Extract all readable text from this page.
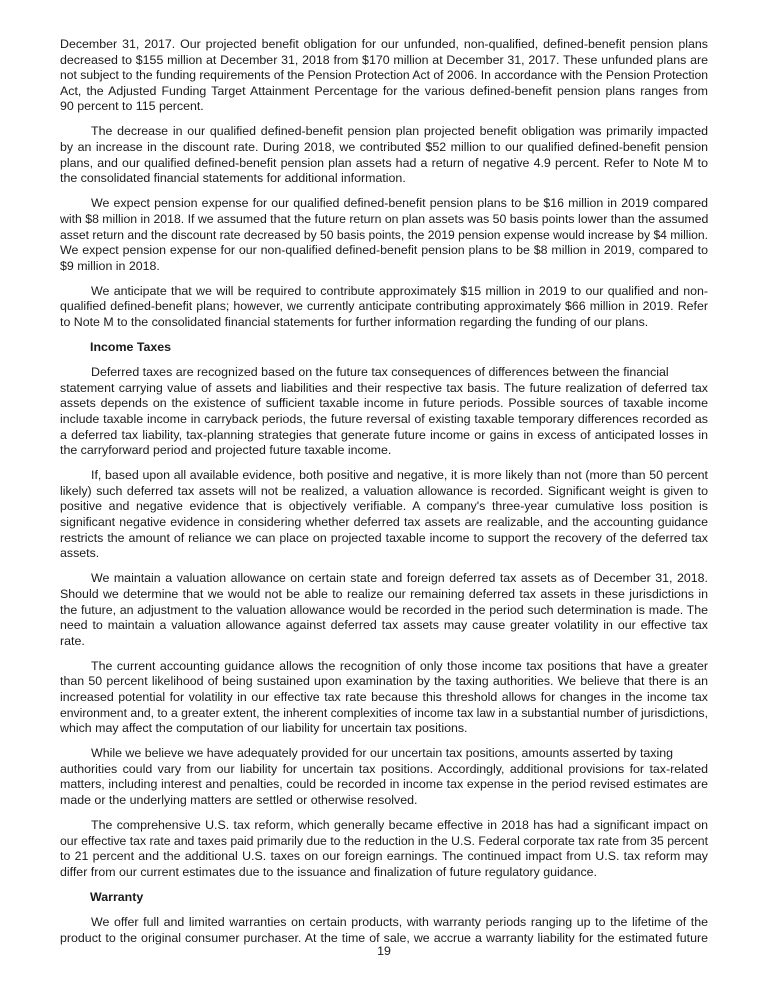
December 31, 2017. Our projected benefit obligation for our unfunded, non-qualified, defined-benefit pension plans
decreased to $155 million at December 31, 2018 from $170 million at December 31, 2017. These unfunded plans are
not subject to the funding requirements of the Pension Protection Act of 2006. In accordance with the Pension Protection
Act, the Adjusted Funding Target Attainment Percentage for the various defined-benefit pension plans ranges from
90 percent to 115 percent.
The decrease in our qualified defined-benefit pension plan projected benefit obligation was primarily impacted
by an increase in the discount rate. During 2018, we contributed $52 million to our qualified defined-benefit pension
plans, and our qualified defined-benefit pension plan assets had a return of negative 4.9 percent. Refer to Note M to
the consolidated financial statements for additional information.
We expect pension expense for our qualified defined-benefit pension plans to be $16 million in 2019 compared
with $8 million in 2018. If we assumed that the future return on plan assets was 50 basis points lower than the assumed
asset return and the discount rate decreased by 50 basis points, the 2019 pension expense would increase by $4 million.
We expect pension expense for our non-qualified defined-benefit pension plans to be $8 million in 2019, compared to
$9 million in 2018.
We anticipate that we will be required to contribute approximately $15 million in 2019 to our qualified and non-
qualified defined-benefit plans; however, we currently anticipate contributing approximately $66 million in 2019. Refer
to Note M to the consolidated financial statements for further information regarding the funding of our plans.
Income Taxes
Deferred taxes are recognized based on the future tax consequences of differences between the financial
statement carrying value of assets and liabilities and their respective tax basis. The future realization of deferred tax
assets depends on the existence of sufficient taxable income in future periods. Possible sources of taxable income
include taxable income in carryback periods, the future reversal of existing taxable temporary differences recorded as
a deferred tax liability, tax-planning strategies that generate future income or gains in excess of anticipated losses in
the carryforward period and projected future taxable income.
If, based upon all available evidence, both positive and negative, it is more likely than not (more than 50 percent
likely) such deferred tax assets will not be realized, a valuation allowance is recorded. Significant weight is given to
positive and negative evidence that is objectively verifiable. A company's three-year cumulative loss position is
significant negative evidence in considering whether deferred tax assets are realizable, and the accounting guidance
restricts the amount of reliance we can place on projected taxable income to support the recovery of the deferred tax
assets.
We maintain a valuation allowance on certain state and foreign deferred tax assets as of December 31, 2018.
Should we determine that we would not be able to realize our remaining deferred tax assets in these jurisdictions in
the future, an adjustment to the valuation allowance would be recorded in the period such determination is made. The
need to maintain a valuation allowance against deferred tax assets may cause greater volatility in our effective tax
rate.
The current accounting guidance allows the recognition of only those income tax positions that have a greater
than 50 percent likelihood of being sustained upon examination by the taxing authorities. We believe that there is an
increased potential for volatility in our effective tax rate because this threshold allows for changes in the income tax
environment and, to a greater extent, the inherent complexities of income tax law in a substantial number of jurisdictions,
which may affect the computation of our liability for uncertain tax positions.
While we believe we have adequately provided for our uncertain tax positions, amounts asserted by taxing
authorities could vary from our liability for uncertain tax positions. Accordingly, additional provisions for tax-related
matters, including interest and penalties, could be recorded in income tax expense in the period revised estimates are
made or the underlying matters are settled or otherwise resolved.
The comprehensive U.S. tax reform, which generally became effective in 2018 has had a significant impact on
our effective tax rate and taxes paid primarily due to the reduction in the U.S. Federal corporate tax rate from 35 percent
to 21 percent and the additional U.S. taxes on our foreign earnings. The continued impact from U.S. tax reform may
differ from our current estimates due to the issuance and finalization of future regulatory guidance.
Warranty
We offer full and limited warranties on certain products, with warranty periods ranging up to the lifetime of the
product to the original consumer purchaser. At the time of sale, we accrue a warranty liability for the estimated future
19
